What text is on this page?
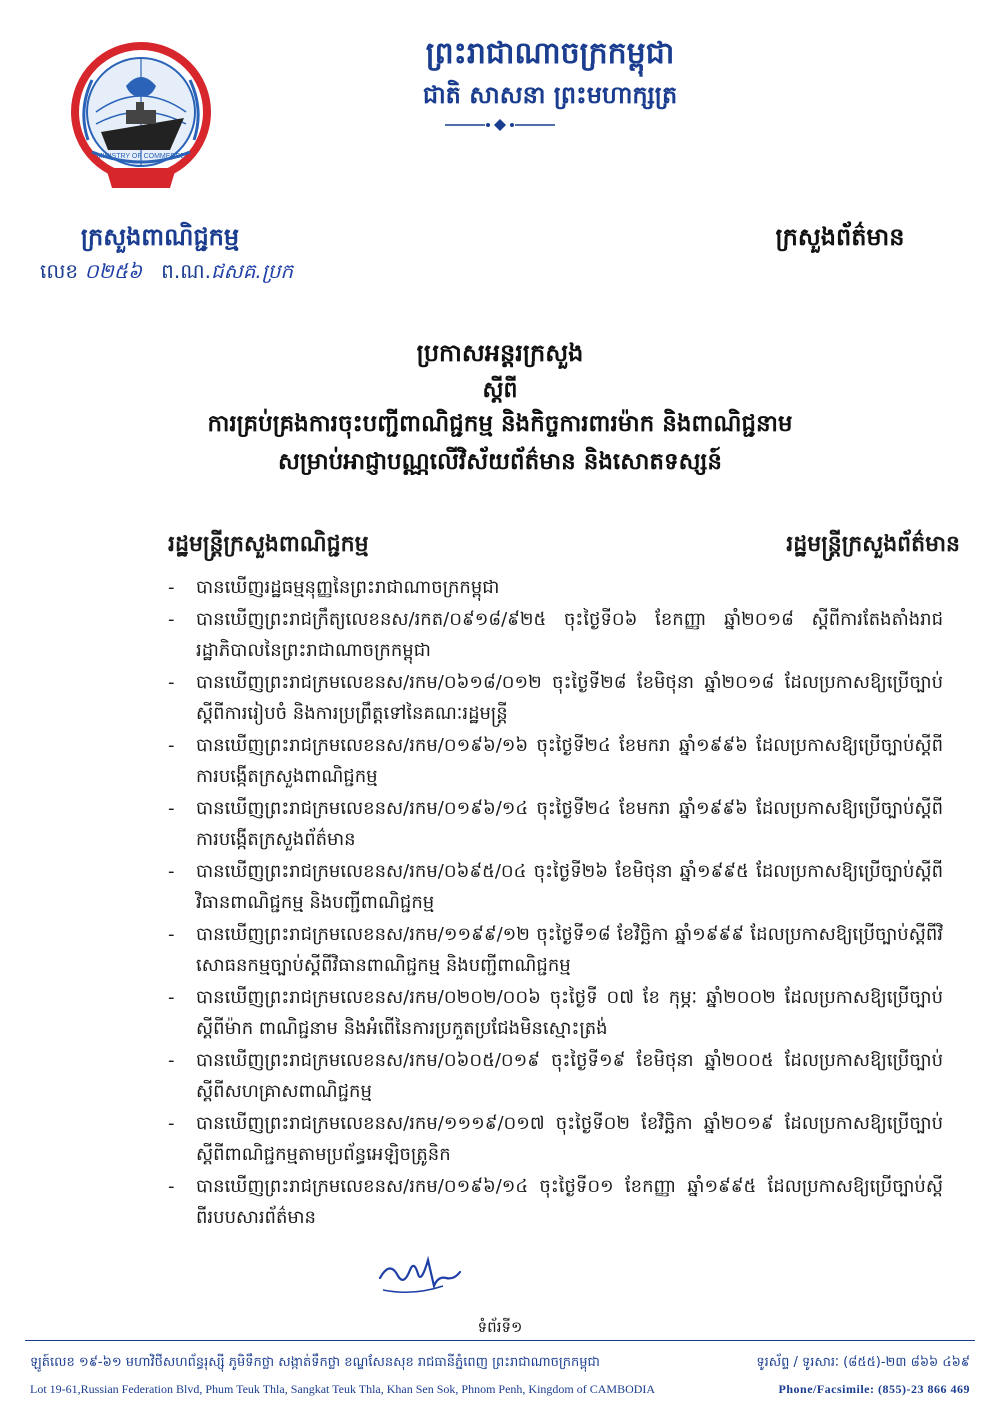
MINISTRY OF COMMERCE
ព្រះរាជាណាចក្រកម្ពុជា
ជាតិ សាសនា ព្រះមហាក្សត្រ
ក្រសួងពាណិជ្ជកម្ម	ក្រសួងព័ត៌មាន
លេខ ០២៥៦ ព.ណ.ជសគ.ប្រក
ប្រកាសអន្តរក្រសួង
ស្តីពី
ការគ្រប់គ្រងការចុះបញ្ជីពាណិជ្ជកម្ម និងកិច្ចការពារម៉ាក និងពាណិជ្ជនាម
សម្រាប់អាជ្ញាបណ្ណលើវិស័យព័ត៌មាន និងសោតទស្សន៍
រដ្ឋមន្ត្រីក្រសួងពាណិជ្ជកម្ម	រដ្ឋមន្ត្រីក្រសួងព័ត៌មាន
- បានឃើញរដ្ឋធម្មនុញ្ញនៃព្រះរាជាណាចក្រកម្ពុជា
- បានឃើញព្រះរាជក្រឹត្យលេខនស/រកត/០៩១៨/៩២៥ ចុះថ្ងៃទី០៦ ខែកញ្ញា ឆ្នាំ២០១៨ ស្តីពីការតែងតាំងរាជរដ្ឋាភិបាលនៃព្រះរាជាណាចក្រកម្ពុជា
- បានឃើញព្រះរាជក្រមលេខនស/រកម/០៦១៨/០១២ ចុះថ្ងៃទី២៨ ខែមិថុនា ឆ្នាំ២០១៨ ដែលប្រកាសឱ្យប្រើច្បាប់ស្តីពីការរៀបចំ និងការប្រព្រឹត្តទៅនៃគណៈរដ្ឋមន្ត្រី
- បានឃើញព្រះរាជក្រមលេខនស/រកម/០១៩៦/១៦ ចុះថ្ងៃទី២៤ ខែមករា ឆ្នាំ១៩៩៦ ដែលប្រកាសឱ្យប្រើច្បាប់ស្តីពីការបង្កើតក្រសួងពាណិជ្ជកម្ម
- បានឃើញព្រះរាជក្រមលេខនស/រកម/០១៩៦/១៤ ចុះថ្ងៃទី២៤ ខែមករា ឆ្នាំ១៩៩៦ ដែលប្រកាសឱ្យប្រើច្បាប់ស្តីពីការបង្កើតក្រសួងព័ត៌មាន
- បានឃើញព្រះរាជក្រមលេខនស/រកម/០៦៩៥/០៤ ចុះថ្ងៃទី២៦ ខែមិថុនា ឆ្នាំ១៩៩៥ ដែលប្រកាសឱ្យប្រើច្បាប់ស្តីពីវិធានពាណិជ្ជកម្ម និងបញ្ជីពាណិជ្ជកម្ម
- បានឃើញព្រះរាជក្រមលេខនស/រកម/១១៩៩/១២ ចុះថ្ងៃទី១៨ ខែវិច្ឆិកា ឆ្នាំ១៩៩៩ ដែលប្រកាសឱ្យប្រើច្បាប់ស្តីពីវិសោធនកម្មច្បាប់ស្តីពីវិធានពាណិជ្ជកម្ម និងបញ្ជីពាណិជ្ជកម្ម
- បានឃើញព្រះរាជក្រមលេខនស/រកម/០២០២/០០៦ ចុះថ្ងៃទី ០៧ ខែ កុម្ភៈ ឆ្នាំ២០០២ ដែលប្រកាសឱ្យប្រើច្បាប់ស្តីពីម៉ាក ពាណិជ្ជនាម និងអំពើនៃការប្រកួតប្រជែងមិនស្មោះត្រង់
- បានឃើញព្រះរាជក្រមលេខនស/រកម/០៦០៥/០១៩ ចុះថ្ងៃទី១៩ ខែមិថុនា ឆ្នាំ២០០៥ ដែលប្រកាសឱ្យប្រើច្បាប់ស្តីពីសហគ្រាសពាណិជ្ជកម្ម
- បានឃើញព្រះរាជក្រមលេខនស/រកម/១១១៩/០១៧ ចុះថ្ងៃទី០២ ខែវិច្ឆិកា ឆ្នាំ២០១៩ ដែលប្រកាសឱ្យប្រើច្បាប់ស្តីពីពាណិជ្ជកម្មតាមប្រព័ន្ធអេឡិចត្រូនិក
- បានឃើញព្រះរាជក្រមលេខនស/រកម/០១៩៦/១៤ ចុះថ្ងៃទី០១ ខែកញ្ញា ឆ្នាំ១៩៩៥ ដែលប្រកាសឱ្យប្រើច្បាប់ស្តីពីរបបសារព័ត៌មាន
ទំព័រទី១
ឡូត៍លេខ ១៩-៦១ មហាវិថីសហព័ន្ធរុស្ស៊ី ភូមិទឹកថ្លា សង្កាត់ទឹកថ្លា ខណ្ឌសែនសុខ រាជធានីភ្នំពេញ ព្រះរាជាណាចក្រកម្ពុជា	ទូរស័ព្ទ / ទូរសារៈ (៨៥៥)-២៣ ៨៦៦ ៤៦៩
Lot 19-61,Russian Federation Blvd, Phum Teuk Thla, Sangkat Teuk Thla, Khan Sen Sok, Phnom Penh, Kingdom of CAMBODIA	Phone/Facsimile: (855)-23 866 469
